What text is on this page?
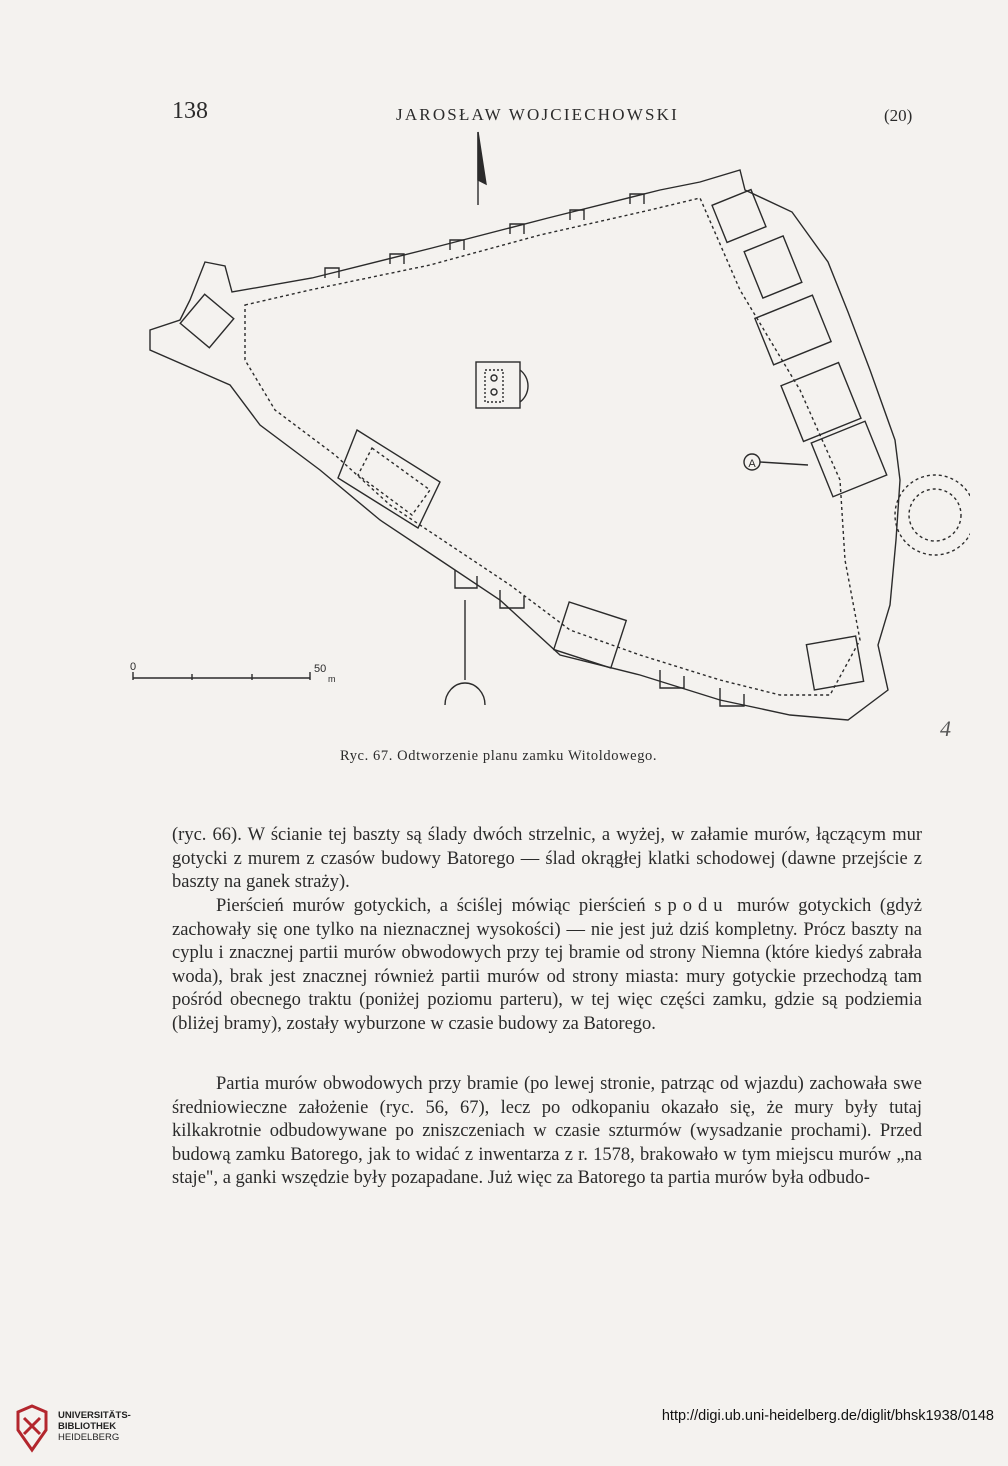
138	JAROSŁAW WOJCIECHOWSKI	(20)
A
0	50
m
4
Ryc. 67. Odtworzenie planu zamku Witoldowego.

(ryc. 66). W ścianie tej baszty są ślady dwóch strzelnic, a wyżej, w załamie murów, łączącym mur gotycki z murem z czasów budowy Batorego — ślad okrągłej klatki schodowej (dawne przejście z baszty na ganek straży).

Pierścień murów gotyckich, a ściślej mówiąc pierścień spodu murów gotyckich (gdyż zachowały się one tylko na nieznacznej wysokości) — nie jest już dziś kompletny. Prócz baszty na cyplu i znacznej partii murów obwodowych przy tej bramie od strony Niemna (które kiedyś zabrała woda), brak jest znacznej również partii murów od strony miasta: mury gotyckie przechodzą tam pośród obecnego traktu (poniżej poziomu parteru), w tej więc części zamku, gdzie są podziemia (bliżej bramy), zostały wyburzone w czasie budowy za Batorego.

Partia murów obwodowych przy bramie (po lewej stronie, patrząc od wjazdu) zachowała swe średniowieczne założenie (ryc. 56, 67), lecz po odkopaniu okazało się, że mury były tutaj kilkakrotnie odbudowywane po zniszczeniach w czasie szturmów (wysadzanie prochami). Przed budową zamku Batorego, jak to widać z inwentarza z r. 1578, brakowało w tym miejscu murów „na staje", a ganki wszędzie były pozapadane. Już więc za Batorego ta partia murów była odbudo-

UNIVERSITÄTS-
BIBLIOTHEK
HEIDELBERG
http://digi.ub.uni-heidelberg.de/diglit/bhsk1938/0148
